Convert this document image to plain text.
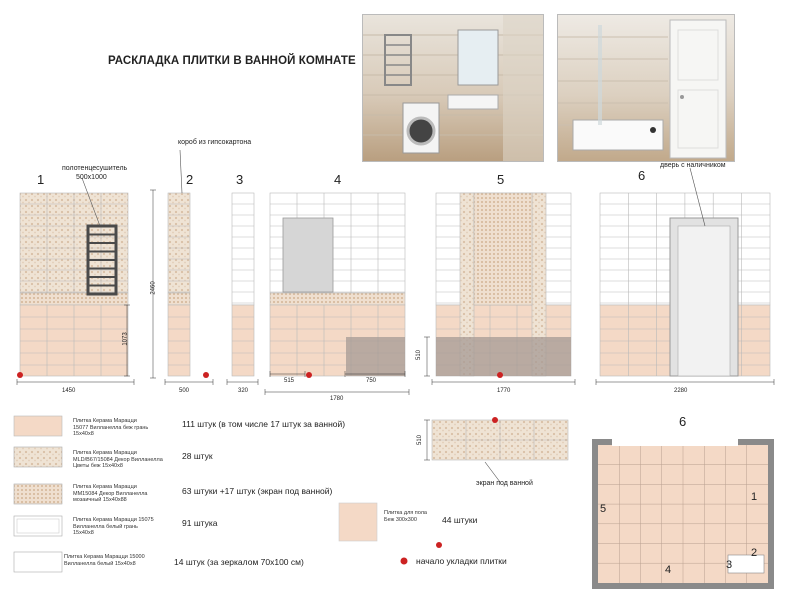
РАСКЛАДКА ПЛИТКИ В ВАННОЙ КОМНАТЕ
1	2	3	4	5	6
полотенцесушитель
500x1000
короб из гипсокартона
дверь с наличником
1450
2460
1073
500	320
515	750
1780
510
1770	2280
510
экран под ванной
Плитка Керама Марацци
15077 Вилланелла беж грань
15x40x8
111 штук (в том числе 17 штук за ванной)
Плитка Керама Марацци
MLD/B67/15084 Декор Вилланелла
Цветы беж 15x40x8
28 штук
Плитка Керама Марацци
MM15084 Декор Вилланелла
мозаичный 15x40x88
63 штуки +17 штук (экран под ванной)
Плитка Керама Марацци 15075
Вилланелла белый грань
15x40x8
91 штука
Плитка Керама Марацци 15000
Вилланелла белый 15x40x8	14 штук (за зеркалом 70x100 см)
Плитка для пола
Беж 300x300	44 штуки
начало укладки плитки
6
1
2
3
4
5
